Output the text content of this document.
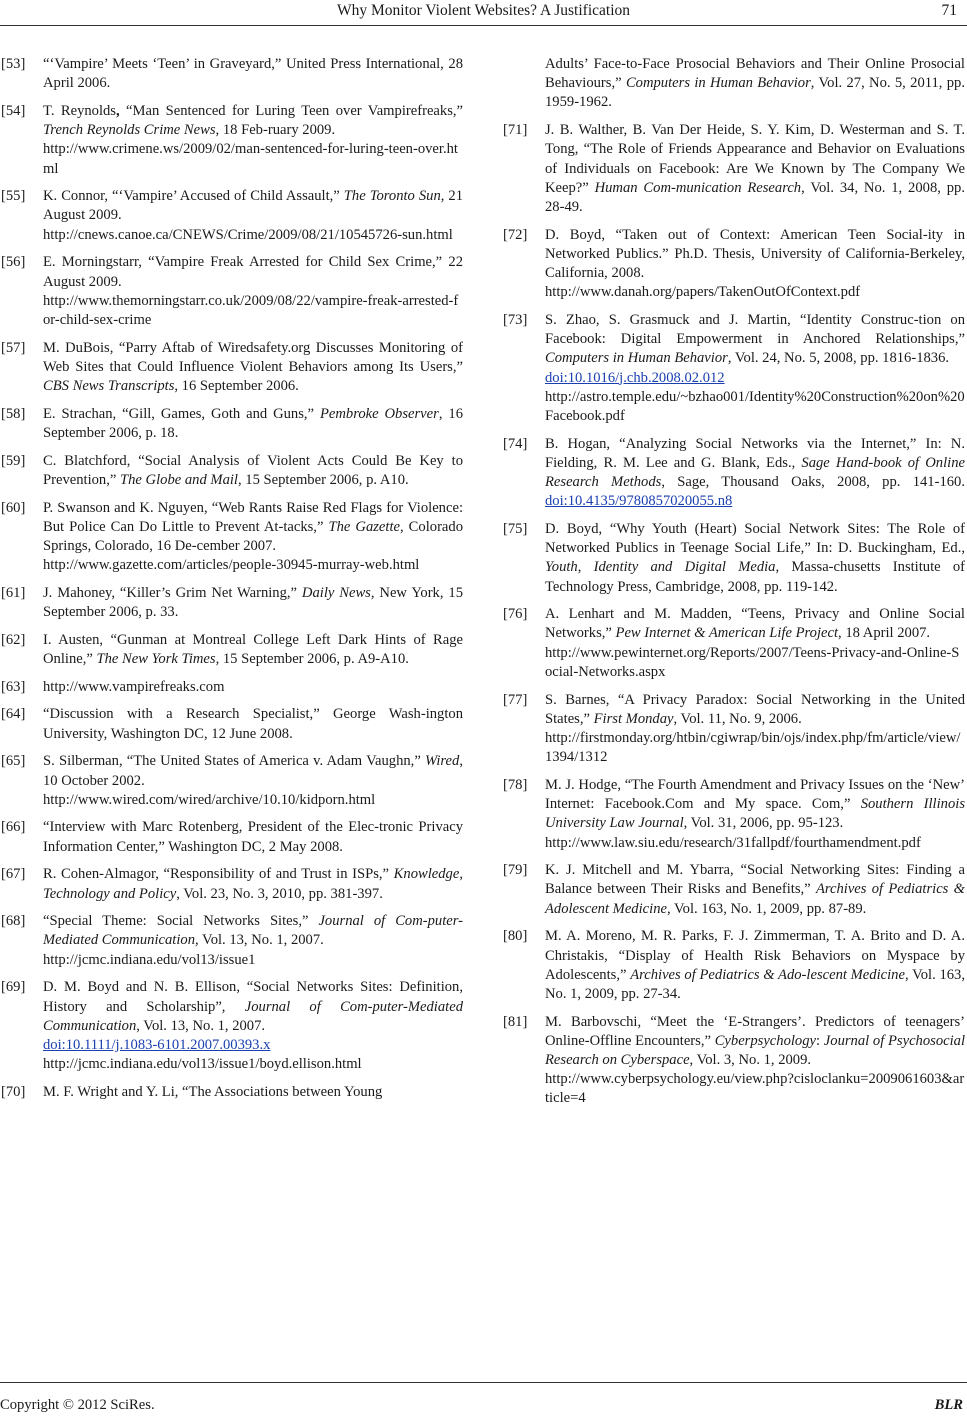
Why Monitor Violent Websites? A Justification	71
[53] “‘Vampire’ Meets ‘Teen’ in Graveyard,” United Press International, 28 April 2006.
[54] T. Reynolds, “Man Sentenced for Luring Teen over Vampirefreaks,” Trench Reynolds Crime News, 18 Feb-ruary 2009.
http://www.crimene.ws/2009/02/man-sentenced-for-luring-teen-over.html
[55] K. Connor, “‘Vampire’ Accused of Child Assault,” The Toronto Sun, 21 August 2009.
http://cnews.canoe.ca/CNEWS/Crime/2009/08/21/10545726-sun.html
[56] E. Morningstarr, “Vampire Freak Arrested for Child Sex Crime,” 22 August 2009.
http://www.themorningstarr.co.uk/2009/08/22/vampire-freak-arrested-for-child-sex-crime
[57] M. DuBois, “Parry Aftab of Wiredsafety.org Discusses Monitoring of Web Sites that Could Influence Violent Behaviors among Its Users,” CBS News Transcripts, 16 September 2006.
[58] E. Strachan, “Gill, Games, Goth and Guns,” Pembroke Observer, 16 September 2006, p. 18.
[59] C. Blatchford, “Social Analysis of Violent Acts Could Be Key to Prevention,” The Globe and Mail, 15 September 2006, p. A10.
[60] P. Swanson and K. Nguyen, “Web Rants Raise Red Flags for Violence: But Police Can Do Little to Prevent At-tacks,” The Gazette, Colorado Springs, Colorado, 16 De-cember 2007.
http://www.gazette.com/articles/people-30945-murray-web.html
[61] J. Mahoney, “Killer’s Grim Net Warning,” Daily News, New York, 15 September 2006, p. 33.
[62] I. Austen, “Gunman at Montreal College Left Dark Hints of Rage Online,” The New York Times, 15 September 2006, p. A9-A10.
[63] http://www.vampirefreaks.com
[64] “Discussion with a Research Specialist,” George Wash-ington University, Washington DC, 12 June 2008.
[65] S. Silberman, “The United States of America v. Adam Vaughn,” Wired, 10 October 2002.
http://www.wired.com/wired/archive/10.10/kidporn.html
[66] “Interview with Marc Rotenberg, President of the Elec-tronic Privacy Information Center,” Washington DC, 2 May 2008.
[67] R. Cohen-Almagor, “Responsibility of and Trust in ISPs,” Knowledge, Technology and Policy, Vol. 23, No. 3, 2010, pp. 381-397.
[68] “Special Theme: Social Networks Sites,” Journal of Com-puter-Mediated Communication, Vol. 13, No. 1, 2007.
http://jcmc.indiana.edu/vol13/issue1
[69] D. M. Boyd and N. B. Ellison, “Social Networks Sites: Definition, History and Scholarship”, Journal of Com-puter-Mediated Communication, Vol. 13, No. 1, 2007.
doi:10.1111/j.1083-6101.2007.00393.x
http://jcmc.indiana.edu/vol13/issue1/boyd.ellison.html
[70] M. F. Wright and Y. Li, “The Associations between Young
Adults’ Face-to-Face Prosocial Behaviors and Their Online Prosocial Behaviours,” Computers in Human Behavior, Vol. 27, No. 5, 2011, pp. 1959-1962.
[71] J. B. Walther, B. Van Der Heide, S. Y. Kim, D. Westerman and S. T. Tong, “The Role of Friends Appearance and Behavior on Evaluations of Individuals on Facebook: Are We Known by The Company We Keep?” Human Com-munication Research, Vol. 34, No. 1, 2008, pp. 28-49.
[72] D. Boyd, “Taken out of Context: American Teen Social-ity in Networked Publics.” Ph.D. Thesis, University of California-Berkeley, California, 2008.
http://www.danah.org/papers/TakenOutOfContext.pdf
[73] S. Zhao, S. Grasmuck and J. Martin, “Identity Construc-tion on Facebook: Digital Empowerment in Anchored Relationships,” Computers in Human Behavior, Vol. 24, No. 5, 2008, pp. 1816-1836.
doi:10.1016/j.chb.2008.02.012
http://astro.temple.edu/~bzhao001/Identity%20Construction%20on%20Facebook.pdf
[74] B. Hogan, “Analyzing Social Networks via the Internet,” In: N. Fielding, R. M. Lee and G. Blank, Eds., Sage Hand-book of Online Research Methods, Sage, Thousand Oaks, 2008, pp. 141-160. doi:10.4135/9780857020055.n8
[75] D. Boyd, “Why Youth (Heart) Social Network Sites: The Role of Networked Publics in Teenage Social Life,” In: D. Buckingham, Ed., Youth, Identity and Digital Media, Massa-chusetts Institute of Technology Press, Cambridge, 2008, pp. 119-142.
[76] A. Lenhart and M. Madden, “Teens, Privacy and Online Social Networks,” Pew Internet & American Life Project, 18 April 2007.
http://www.pewinternet.org/Reports/2007/Teens-Privacy-and-Online-Social-Networks.aspx
[77] S. Barnes, “A Privacy Paradox: Social Networking in the United States,” First Monday, Vol. 11, No. 9, 2006.
http://firstmonday.org/htbin/cgiwrap/bin/ojs/index.php/fm/article/view/1394/1312
[78] M. J. Hodge, “The Fourth Amendment and Privacy Issues on the ‘New’ Internet: Facebook.Com and My space. Com,” Southern Illinois University Law Journal, Vol. 31, 2006, pp. 95-123.
http://www.law.siu.edu/research/31fallpdf/fourthamendment.pdf
[79] K. J. Mitchell and M. Ybarra, “Social Networking Sites: Finding a Balance between Their Risks and Benefits,” Archives of Pediatrics & Adolescent Medicine, Vol. 163, No. 1, 2009, pp. 87-89.
[80] M. A. Moreno, M. R. Parks, F. J. Zimmerman, T. A. Brito and D. A. Christakis, “Display of Health Risk Behaviors on Myspace by Adolescents,” Archives of Pediatrics & Ado-lescent Medicine, Vol. 163, No. 1, 2009, pp. 27-34.
[81] M. Barbovschi, “Meet the ‘E-Strangers’. Predictors of teenagers’ Online-Offline Encounters,” Cyberpsychology: Journal of Psychosocial Research on Cyberspace, Vol. 3, No. 1, 2009.
http://www.cyberpsychology.eu/view.php?cisloclanku=2009061603&article=4
Copyright © 2012 SciRes.	BLR
